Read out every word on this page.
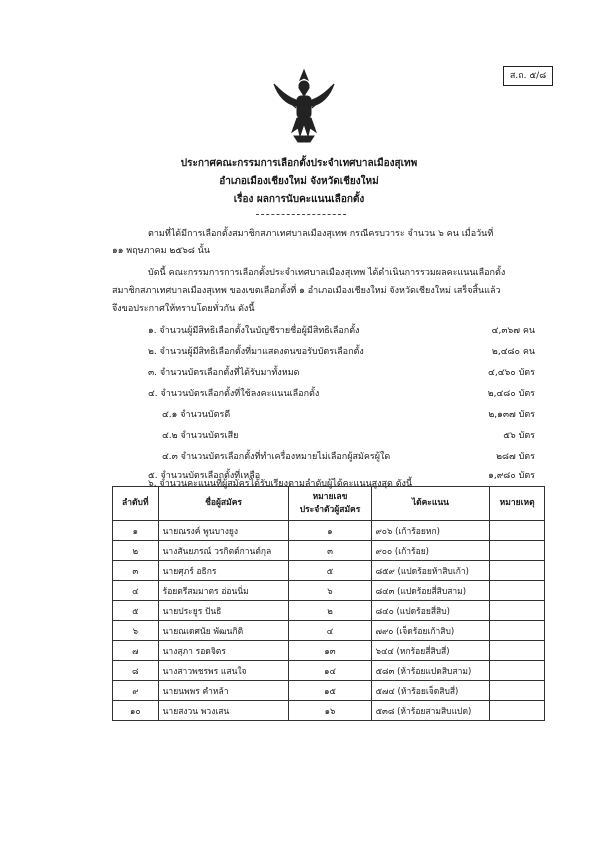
ส.ถ. ๕/๘
ประกาศคณะกรรมการเลือกตั้งประจำเทศบาลเมืองสุเทพ
อำเภอเมืองเชียงใหม่ จังหวัดเชียงใหม่
เรื่อง ผลการนับคะแนนเลือกตั้ง
ตามที่ได้มีการเลือกตั้งสมาชิกสภาเทศบาลเมืองสุเทพ กรณีครบวาระ จำนวน ๖ คน เมื่อวันที่
๑๑ พฤษภาคม ๒๕๖๘ นั้น
บัดนี้ คณะกรรมการการเลือกตั้งประจำเทศบาลเมืองสุเทพ ได้ดำเนินการรวมผลคะแนนเลือกตั้ง
สมาชิกสภาเทศบาลเมืองสุเทพ ของเขตเลือกตั้งที่ ๑ อำเภอเมืองเชียงใหม่ จังหวัดเชียงใหม่ เสร็จสิ้นแล้ว
จึงขอประกาศให้ทราบโดยทั่วกัน ดังนี้
๑. จำนวนผู้มีสิทธิเลือกตั้งในบัญชีรายชื่อผู้มีสิทธิเลือกตั้ง	๔,๓๖๗ คน
๒. จำนวนผู้มีสิทธิเลือกตั้งที่มาแสดงตนขอรับบัตรเลือกตั้ง	๒,๔๘๐ คน
๓. จำนวนบัตรเลือกตั้งที่ได้รับมาทั้งหมด	๔,๔๖๐ บัตร
๔. จำนวนบัตรเลือกตั้งที่ใช้ลงคะแนนเลือกตั้ง	๒,๔๘๐ บัตร
๔.๑ จำนวนบัตรดี	๒,๑๓๗ บัตร
๔.๒ จำนวนบัตรเสีย	๕๖ บัตร
๔.๓ จำนวนบัตรเลือกตั้งที่ทำเครื่องหมายไม่เลือกผู้สมัครผู้ใด	๒๘๗ บัตร
๕. จำนวนบัตรเลือกตั้งที่เหลือ	๑,๙๘๐ บัตร
ลำดับที่	ชื่อผู้สมัคร	หมายเลข
ประจำตัวผู้สมัคร	ได้คะแนน	หมายเหตุ
๑	นายณรงค์ พูนบางยูง	๑	๙๐๖ (เก้าร้อยหก)	
๒	นางสันยภรณ์ วรกิตต์กานต์กุล	๓	๙๐๐ (เก้าร้อย)	
๓	นายศุภร์ อธิกร	๕	๘๕๙ (แปดร้อยห้าสิบเก้า)	
๔	ร้อยตรีสมมาตร อ่อนนิ่ม	๖	๘๔๓ (แปดร้อยสี่สิบสาม)	
๕	นายประยูร ปันธิ	๒	๘๔๐ (แปดร้อยสี่สิบ)	
๖	นายณเดศนัย พัฒนกิติ	๔	๗๙๐ (เจ็ดร้อยเก้าสิบ)	
๗	นางสุภา รอดจิตร	๑๓	๖๔๔ (หกร้อยสี่สิบสี่)	
๘	นางสาวพชรพร แสนใจ	๑๔	๕๘๓ (ห้าร้อยแปดสิบสาม)	
๙	นายนพพร คำหล้า	๑๕	๕๗๔ (ห้าร้อยเจ็ดสิบสี่)	
๑๐	นายสงวน พวงเสน	๑๖	๕๓๘ (ห้าร้อยสามสิบแปด)	
๖. จำนวนคะแนนที่ผู้สมัครได้รับเรียงตามลำดับผู้ได้คะแนนสูงสุด ดังนี้
